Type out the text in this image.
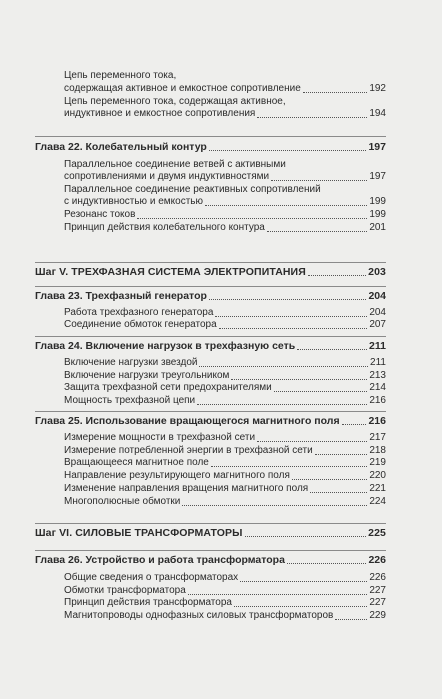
Цепь переменного тока,
содержащая активное и емкостное сопротивление	192
Цепь переменного тока, содержащая активное,
индуктивное и емкостное сопротивления	194
Глава 22. Колебательный контур	197
Параллельное соединение ветвей с активными
сопротивлениями и двумя индуктивностями	197
Параллельное соединение реактивных сопротивлений
с индуктивностью и емкостью	199
Резонанс токов	199
Принцип действия колебательного контура	201
Шаг V. ТРЕХФАЗНАЯ СИСТЕМА ЭЛЕКТРОПИТАНИЯ	203
Глава 23. Трехфазный генератор	204
Работа трехфазного генератора	204
Соединение обмоток генератора	207
Глава 24. Включение нагрузок в трехфазную сеть	211
Включение нагрузки звездой	211
Включение нагрузки треугольником	213
Защита трехфазной сети предохранителями	214
Мощность трехфазной цепи	216
Глава 25. Использование вращающегося магнитного поля	216
Измерение мощности в трехфазной сети	217
Измерение потребленной энергии в трехфазной сети	218
Вращающееся магнитное поле	219
Направление результирующего магнитного поля	220
Изменение направления вращения магнитного поля	221
Многополюсные обмотки	224
Шаг VI. СИЛОВЫЕ ТРАНСФОРМАТОРЫ	225
Глава 26. Устройство и работа трансформатора	226
Общие сведения о трансформаторах	226
Обмотки трансформатора	227
Принцип действия трансформатора	227
Магнитопроводы однофазных силовых трансформаторов	229
